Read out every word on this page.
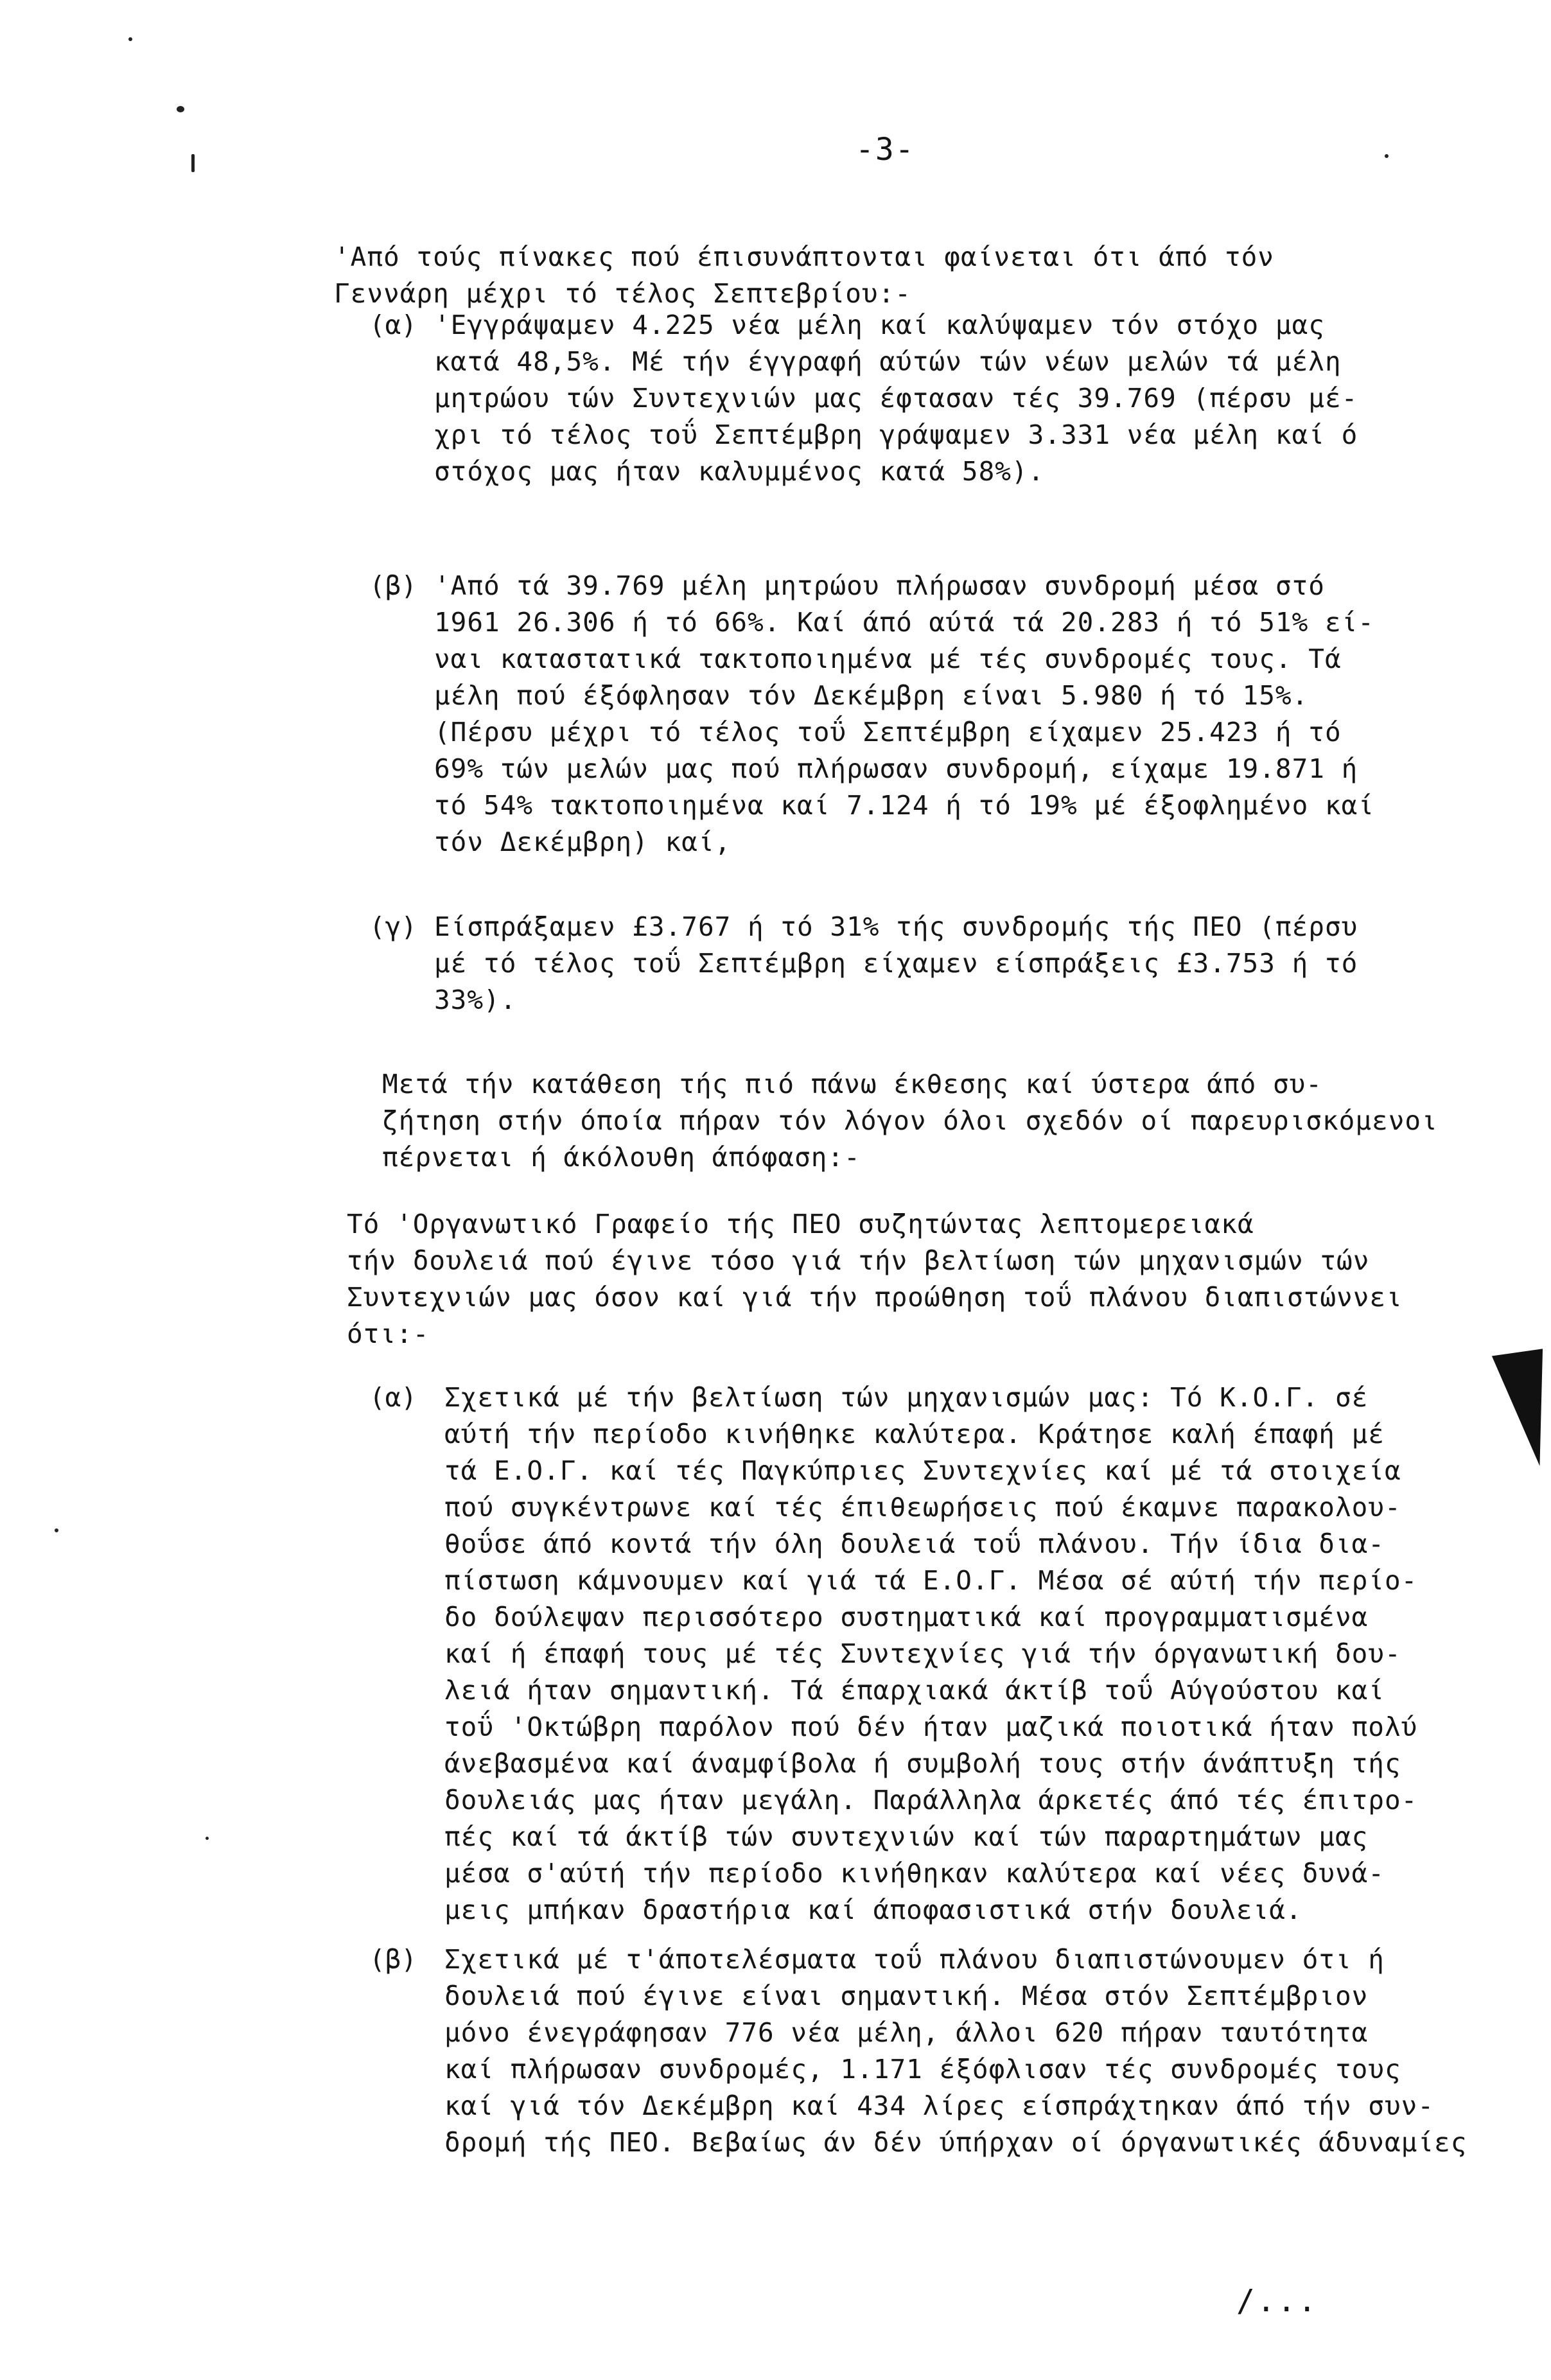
-3-
'Από τούς πίνακες πού έπισυνάπτονται φαίνεται ότι άπό τόν
Γεννάρη μέχρι τό τέλος Σεπτεβρίου:-
(α) 'Εγγράψαμεν 4.225 νέα μέλη καί καλύψαμεν τόν στόχο μας
κατά 48,5%. Μέ τήν έγγραφή αύτών τών νέων μελών τά μέλη
μητρώου τών Συντεχνιών μας έφτασαν τές 39.769 (πέρσυ μέ-
χρι τό τέλος τοΰ Σεπτέμβρη γράψαμεν 3.331 νέα μέλη καί ό
στόχος μας ήταν καλυμμένος κατά 58%).
(β) 'Από τά 39.769 μέλη μητρώου πλήρωσαν συνδρομή μέσα στό
1961 26.306 ή τό 66%. Καί άπό αύτά τά 20.283 ή τό 51% εί-
ναι καταστατικά τακτοποιημένα μέ τές συνδρομές τους. Τά
μέλη πού έξόφλησαν τόν Δεκέμβρη είναι 5.980 ή τό 15%.
(Πέρσυ μέχρι τό τέλος τοΰ Σεπτέμβρη είχαμεν 25.423 ή τό
69% τών μελών μας πού πλήρωσαν συνδρομή, είχαμε 19.871 ή
τό 54% τακτοποιημένα καί 7.124 ή τό 19% μέ έξοφλημένο καί
τόν Δεκέμβρη) καί,
(γ) Είσπράξαμεν £3.767 ή τό 31% τής συνδρομής τής ΠΕΟ (πέρσυ
μέ τό τέλος τοΰ Σεπτέμβρη είχαμεν είσπράξεις £3.753 ή τό
33%).
Μετά τήν κατάθεση τής πιό πάνω έκθεσης καί ύστερα άπό συ-
ζήτηση στήν όποία πήραν τόν λόγον όλοι σχεδόν οί παρευρισκόμενοι
πέρνεται ή άκόλουθη άπόφαση:-
Τό 'Οργανωτικό Γραφείο τής ΠΕΟ συζητώντας λεπτομερειακά
τήν δουλειά πού έγινε τόσο γιά τήν βελτίωση τών μηχανισμών τών
Συντεχνιών μας όσον καί γιά τήν προώθηση τοΰ πλάνου διαπιστώννει
ότι:-
(α) Σχετικά μέ τήν βελτίωση τών μηχανισμών μας: Τό Κ.Ο.Γ. σέ
αύτή τήν περίοδο κινήθηκε καλύτερα. Κράτησε καλή έπαφή μέ
τά Ε.Ο.Γ. καί τές Παγκύπριες Συντεχνίες καί μέ τά στοιχεία
πού συγκέντρωνε καί τές έπιθεωρήσεις πού έκαμνε παρακολου-
θοΰσε άπό κοντά τήν όλη δουλειά τοΰ πλάνου. Τήν ίδια δια-
πίστωση κάμνουμεν καί γιά τά Ε.Ο.Γ. Μέσα σέ αύτή τήν περίο-
δο δούλεψαν περισσότερο συστηματικά καί προγραμματισμένα
καί ή έπαφή τους μέ τές Συντεχνίες γιά τήν όργανωτική δου-
λειά ήταν σημαντική. Τά έπαρχιακά άκτίβ τοΰ Αύγούστου καί
τοΰ 'Οκτώβρη παρόλον πού δέν ήταν μαζικά ποιοτικά ήταν πολύ
άνεβασμένα καί άναμφίβολα ή συμβολή τους στήν άνάπτυξη τής
δουλειάς μας ήταν μεγάλη. Παράλληλα άρκετές άπό τές έπιτρο-
πές καί τά άκτίβ τών συντεχνιών καί τών παραρτημάτων μας
μέσα σ'αύτή τήν περίοδο κινήθηκαν καλύτερα καί νέες δυνά-
μεις μπήκαν δραστήρια καί άποφασιστικά στήν δουλειά.
(β) Σχετικά μέ τ'άποτελέσματα τοΰ πλάνου διαπιστώνουμεν ότι ή
δουλειά πού έγινε είναι σημαντική. Μέσα στόν Σεπτέμβριον
μόνο ένεγράφησαν 776 νέα μέλη, άλλοι 620 πήραν ταυτότητα
καί πλήρωσαν συνδρομές, 1.171 έξόφλισαν τές συνδρομές τους
καί γιά τόν Δεκέμβρη καί 434 λίρες είσπράχτηκαν άπό τήν συν-
δρομή τής ΠΕΟ. Βεβαίως άν δέν ύπήρχαν οί όργανωτικές άδυναμίες
/...
